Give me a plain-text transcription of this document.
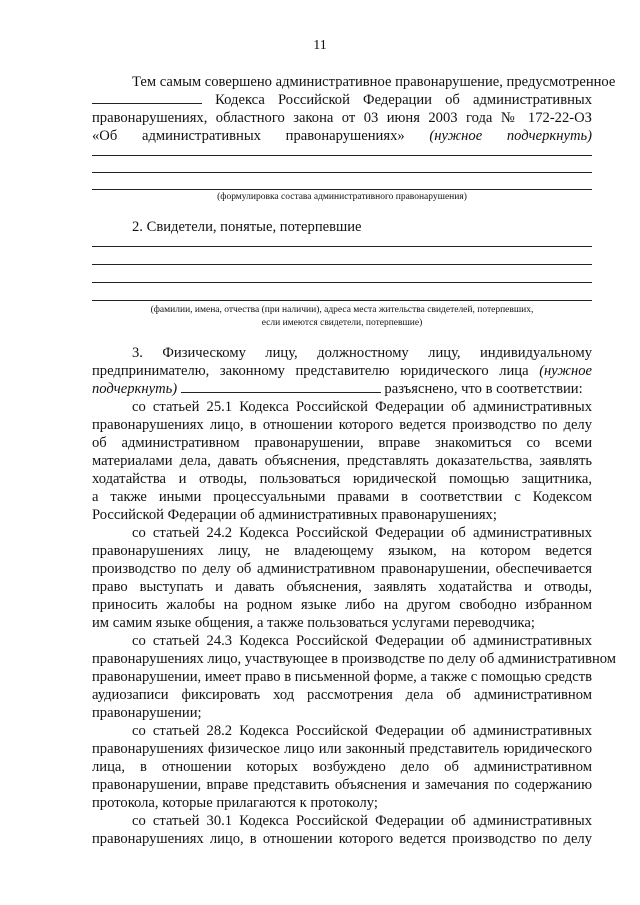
11
Тем самым совершено административное правонарушение, предусмотренное
Кодекса Российской Федерации об административных
правонарушениях, областного закона от 03 июня 2003 года № 172-22-ОЗ
«Об административных правонарушениях» (нужное подчеркнуть)
(формулировка состава административного правонарушения)
2. Свидетели, понятые, потерпевшие
(фамилии, имена, отчества (при наличии), адреса места жительства свидетелей, потерпевших,
если имеются свидетели, потерпевшие)
3. Физическому лицу, должностному лицу, индивидуальному
предпринимателю, законному представителю юридического лица (нужное
подчеркнуть)	разъяснено, что в соответствии:
со статьей 25.1 Кодекса Российской Федерации об административных
правонарушениях лицо, в отношении которого ведется производство по делу
об административном правонарушении, вправе знакомиться со всеми
материалами дела, давать объяснения, представлять доказательства, заявлять
ходатайства и отводы, пользоваться юридической помощью защитника,
а также иными процессуальными правами в соответствии с Кодексом
Российской Федерации об административных правонарушениях;
со статьей 24.2 Кодекса Российской Федерации об административных
правонарушениях лицу, не владеющему языком, на котором ведется
производство по делу об административном правонарушении, обеспечивается
право выступать и давать объяснения, заявлять ходатайства и отводы,
приносить жалобы на родном языке либо на другом свободно избранном
им самим языке общения, а также пользоваться услугами переводчика;
со статьей 24.3 Кодекса Российской Федерации об административных
правонарушениях лицо, участвующее в производстве по делу об административном
правонарушении, имеет право в письменной форме, а также с помощью средств
аудиозаписи фиксировать ход рассмотрения дела об административном
правонарушении;
со статьей 28.2 Кодекса Российской Федерации об административных
правонарушениях физическое лицо или законный представитель юридического
лица, в отношении которых возбуждено дело об административном
правонарушении, вправе представить объяснения и замечания по содержанию
протокола, которые прилагаются к протоколу;
со статьей 30.1 Кодекса Российской Федерации об административных
правонарушениях лицо, в отношении которого ведется производство по делу
